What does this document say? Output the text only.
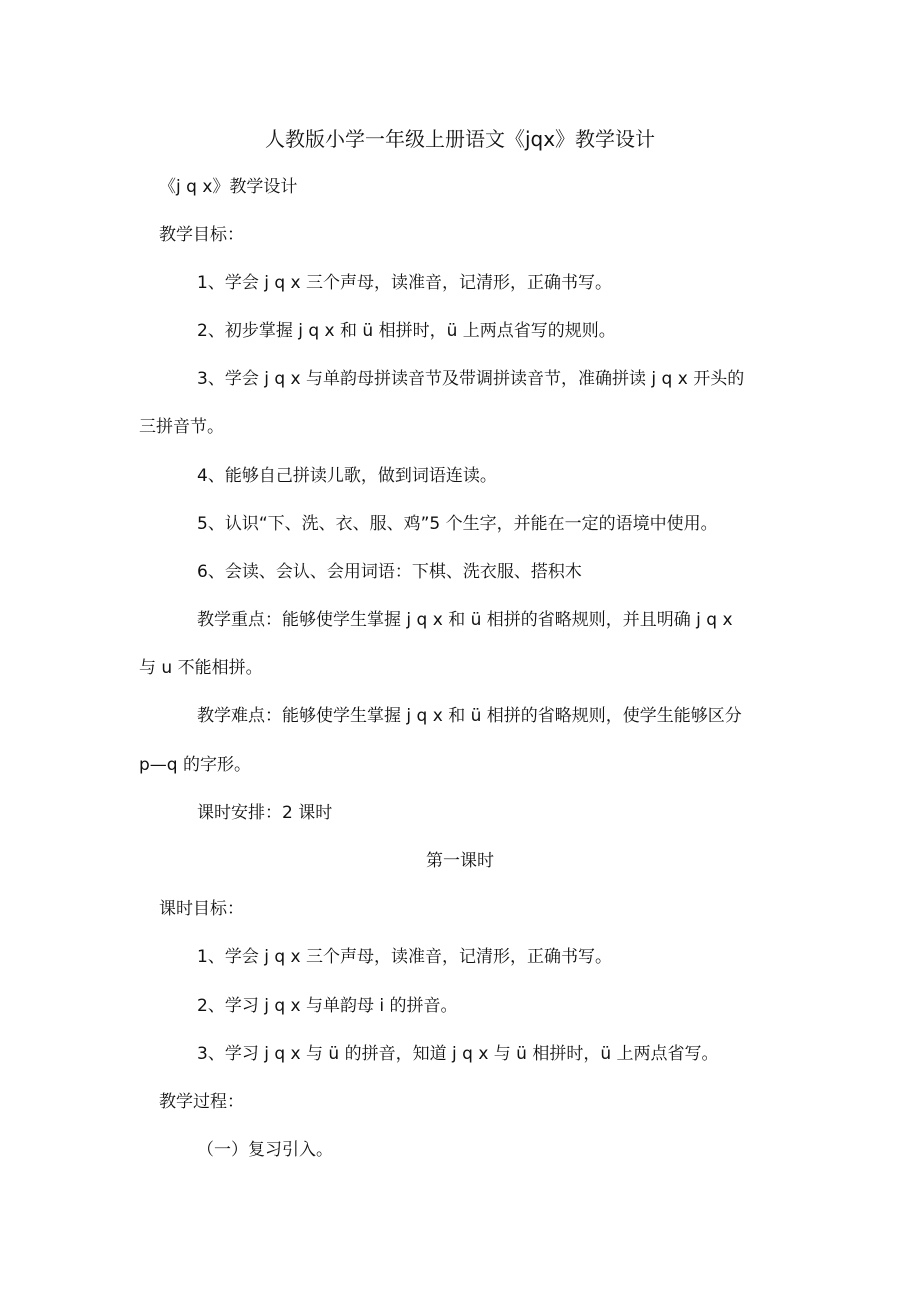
人教版小学一年级上册语文《jqx》教学设计
《j q x》教学设计
教学目标：
1、学会 j q x 三个声母，读准音，记清形，正确书写。
2、初步掌握 j q x 和 ü 相拼时，ü 上两点省写的规则。
3、学会 j q x 与单韵母拼读音节及带调拼读音节，准确拼读 j q x 开头的
三拼音节。
4、能够自己拼读儿歌，做到词语连读。
5、认识“下、洗、衣、服、鸡”5 个生字，并能在一定的语境中使用。
6、会读、会认、会用词语：下棋、洗衣服、搭积木
教学重点：能够使学生掌握 j q x 和 ü 相拼的省略规则，并且明确 j q x
与 u 不能相拼。
教学难点：能够使学生掌握 j q x 和 ü 相拼的省略规则，使学生能够区分
p—q 的字形。
课时安排：2 课时
第一课时
课时目标：
1、学会 j q x 三个声母，读准音，记清形，正确书写。
2、学习 j q x 与单韵母 i 的拼音。
3、学习 j q x 与 ü 的拼音，知道 j q x 与 ü 相拼时，ü 上两点省写。
教学过程：
（一）复习引入。
